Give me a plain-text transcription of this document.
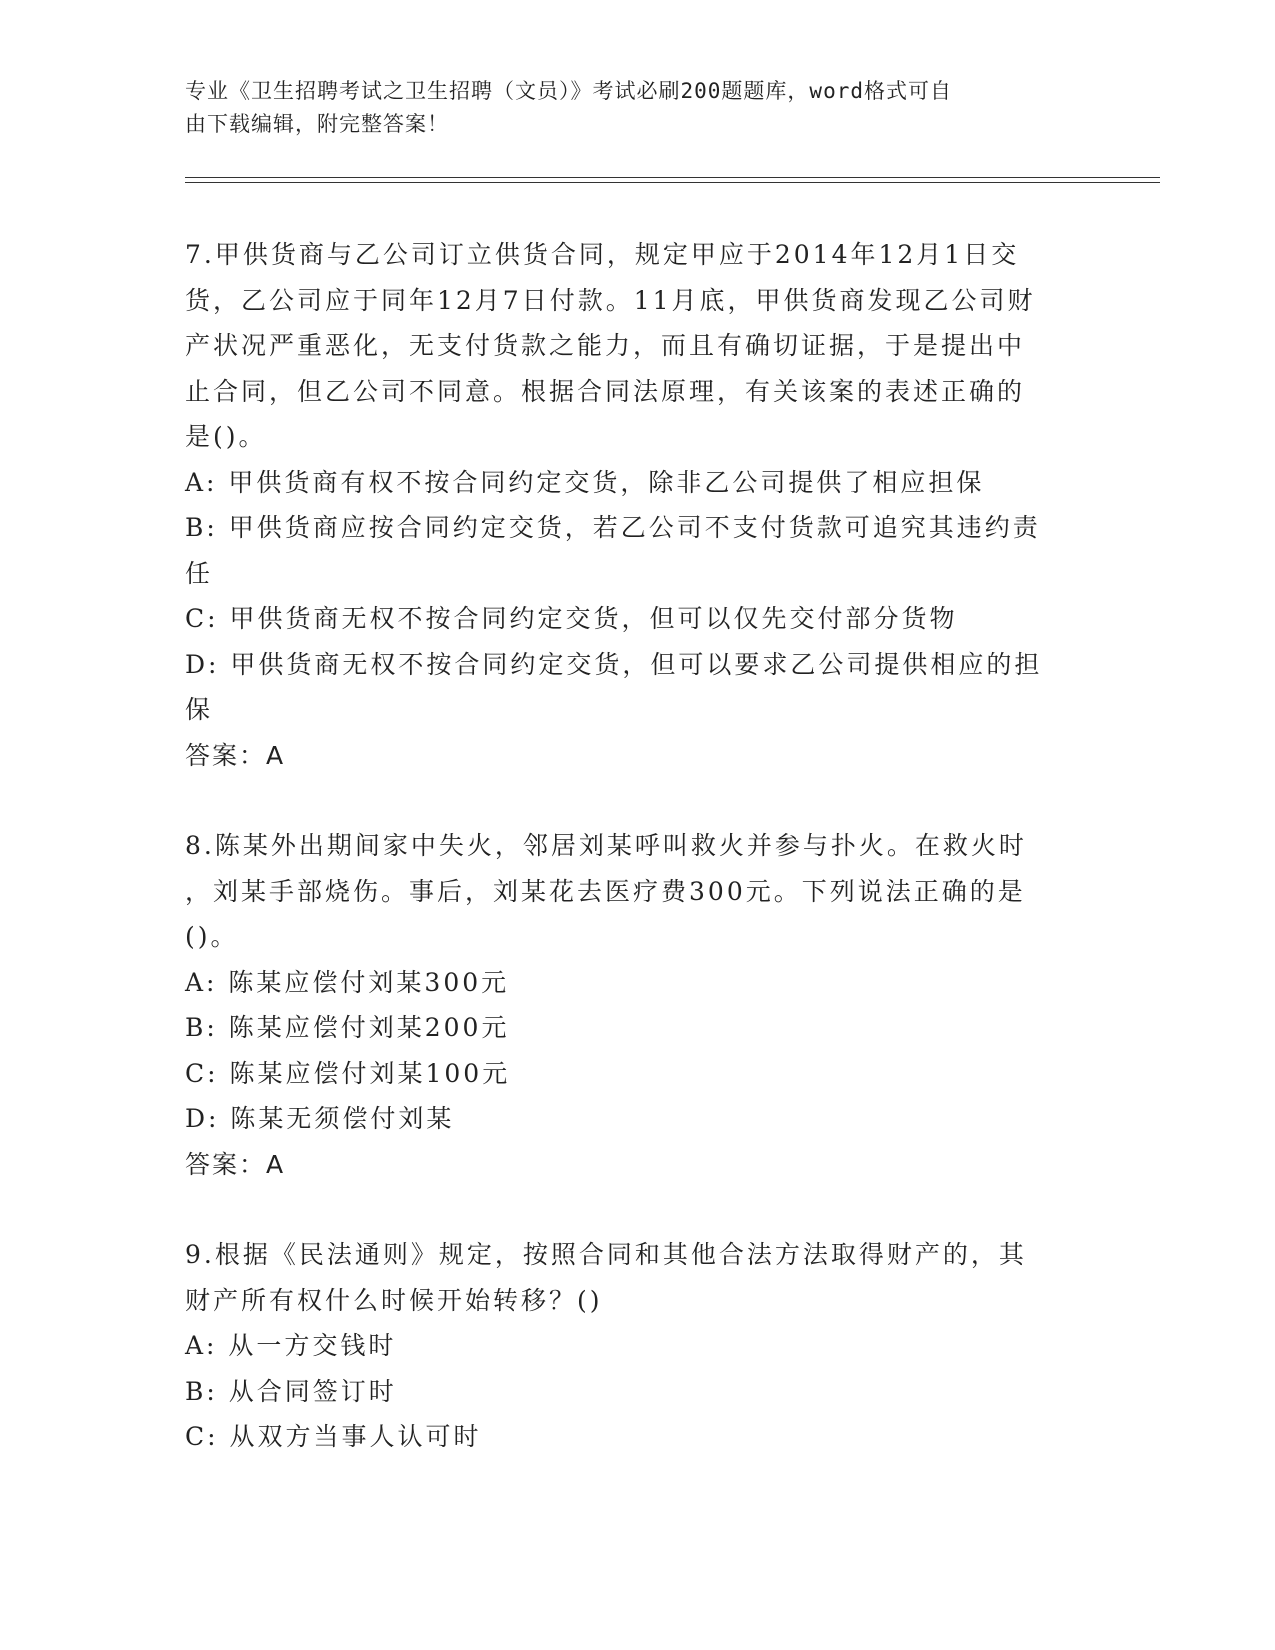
专业《卫生招聘考试之卫生招聘（文员）》考试必刷200题题库，word格式可自
由下载编辑，附完整答案！
7.甲供货商与乙公司订立供货合同，规定甲应于2014年12月1日交
货，乙公司应于同年12月7日付款。11月底，甲供货商发现乙公司财
产状况严重恶化，无支付货款之能力，而且有确切证据，于是提出中
止合同，但乙公司不同意。根据合同法原理，有关该案的表述正确的
是()。
A: 甲供货商有权不按合同约定交货，除非乙公司提供了相应担保
B: 甲供货商应按合同约定交货，若乙公司不支付货款可追究其违约责
任
C: 甲供货商无权不按合同约定交货，但可以仅先交付部分货物
D: 甲供货商无权不按合同约定交货，但可以要求乙公司提供相应的担
保
答案：A
8.陈某外出期间家中失火，邻居刘某呼叫救火并参与扑火。在救火时
，刘某手部烧伤。事后，刘某花去医疗费300元。下列说法正确的是
()。
A: 陈某应偿付刘某300元
B: 陈某应偿付刘某200元
C: 陈某应偿付刘某100元
D: 陈某无须偿付刘某
答案：A
9.根据《民法通则》规定，按照合同和其他合法方法取得财产的，其
财产所有权什么时候开始转移？()
A: 从一方交钱时
B: 从合同签订时
C: 从双方当事人认可时
